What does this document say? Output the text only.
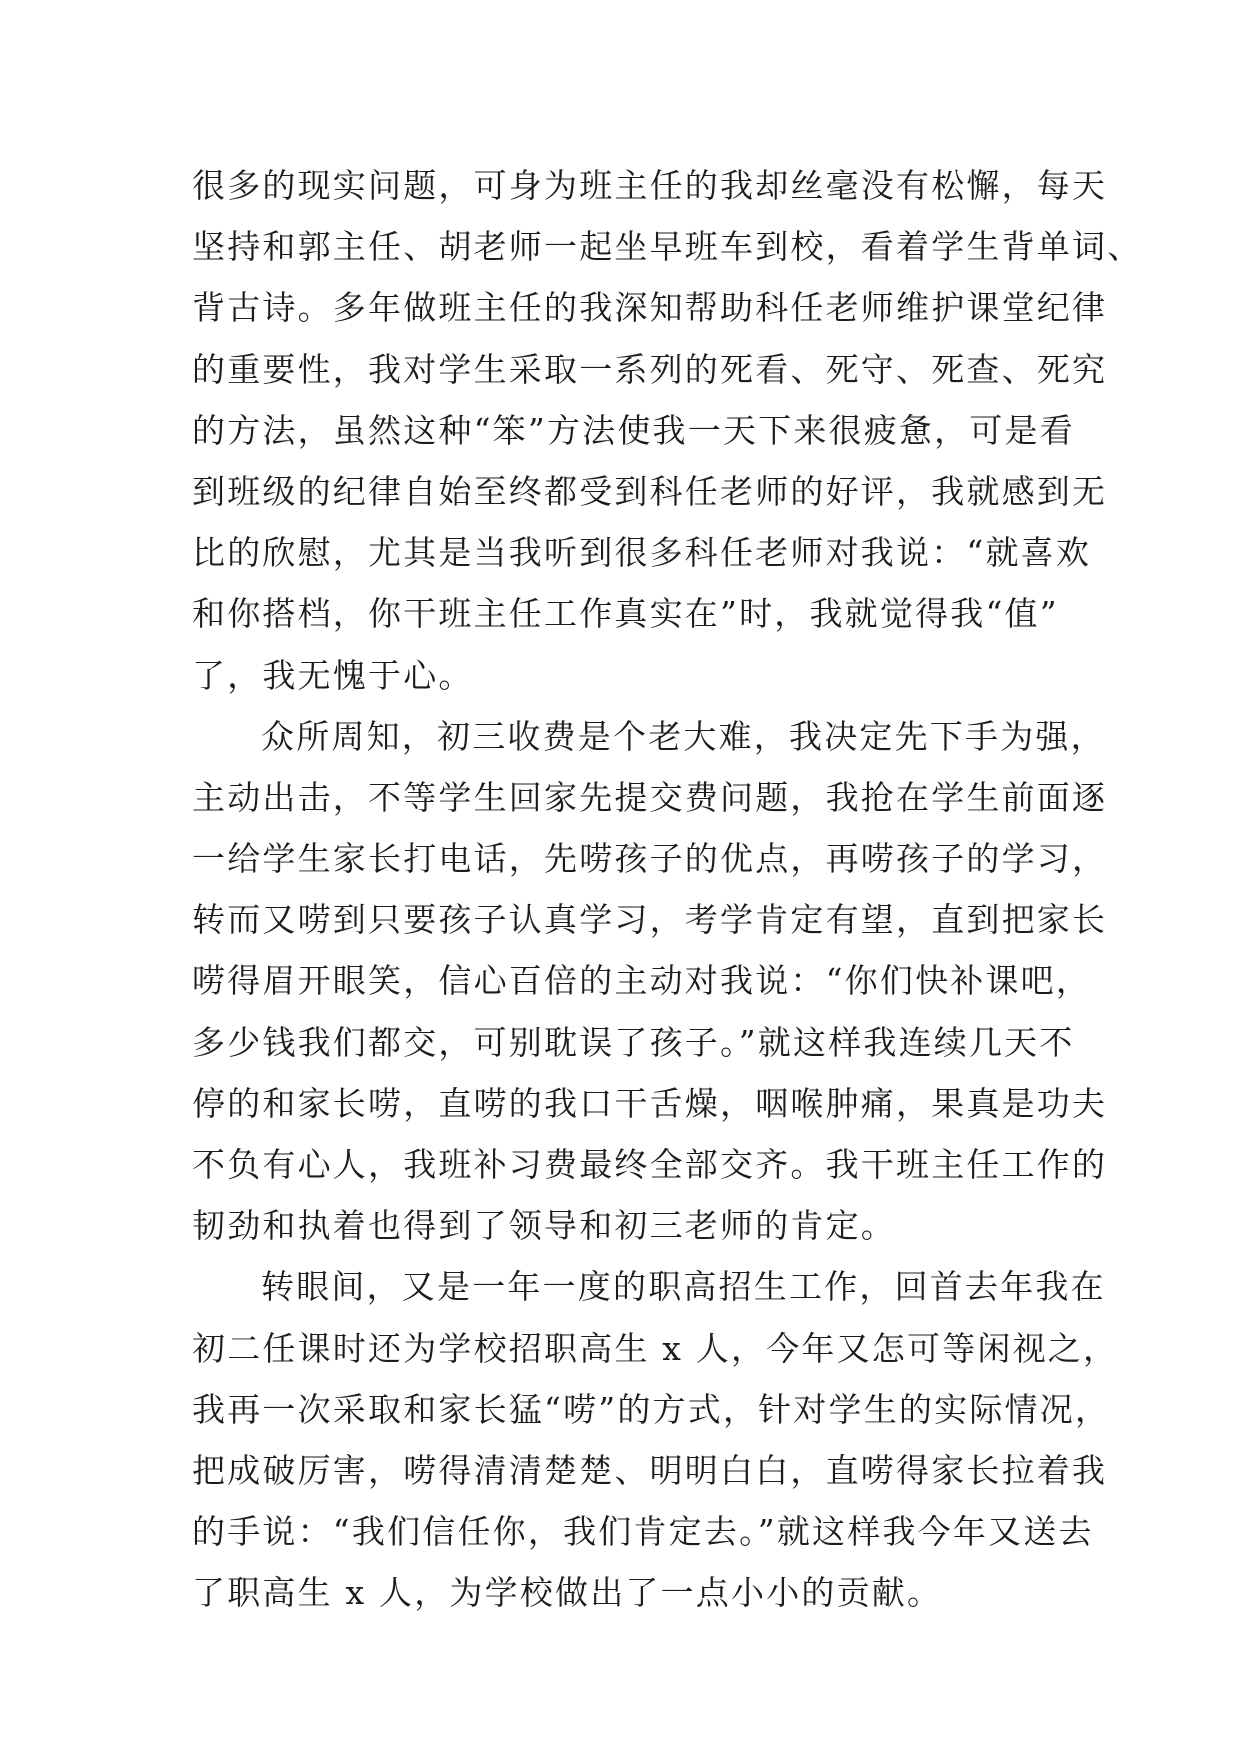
很多的现实问题，可身为班主任的我却丝毫没有松懈，每天
坚持和郭主任、胡老师一起坐早班车到校，看着学生背单词、
背古诗。多年做班主任的我深知帮助科任老师维护课堂纪律
的重要性，我对学生采取一系列的死看、死守、死查、死究
的方法，虽然这种“笨”方法使我一天下来很疲惫，可是看
到班级的纪律自始至终都受到科任老师的好评，我就感到无
比的欣慰，尤其是当我听到很多科任老师对我说：“就喜欢
和你搭档，你干班主任工作真实在”时，我就觉得我“值”
了，我无愧于心。
众所周知，初三收费是个老大难，我决定先下手为强，
主动出击，不等学生回家先提交费问题，我抢在学生前面逐
一给学生家长打电话，先唠孩子的优点，再唠孩子的学习，
转而又唠到只要孩子认真学习，考学肯定有望，直到把家长
唠得眉开眼笑，信心百倍的主动对我说：“你们快补课吧，
多少钱我们都交，可别耽误了孩子。”就这样我连续几天不
停的和家长唠，直唠的我口干舌燥，咽喉肿痛，果真是功夫
不负有心人，我班补习费最终全部交齐。我干班主任工作的
韧劲和执着也得到了领导和初三老师的肯定。
转眼间，又是一年一度的职高招生工作，回首去年我在
初二任课时还为学校招职高生 x 人，今年又怎可等闲视之，
我再一次采取和家长猛“唠”的方式，针对学生的实际情况，
把成破厉害，唠得清清楚楚、明明白白，直唠得家长拉着我
的手说：“我们信任你，我们肯定去。”就这样我今年又送去
了职高生 x 人，为学校做出了一点小小的贡献。
